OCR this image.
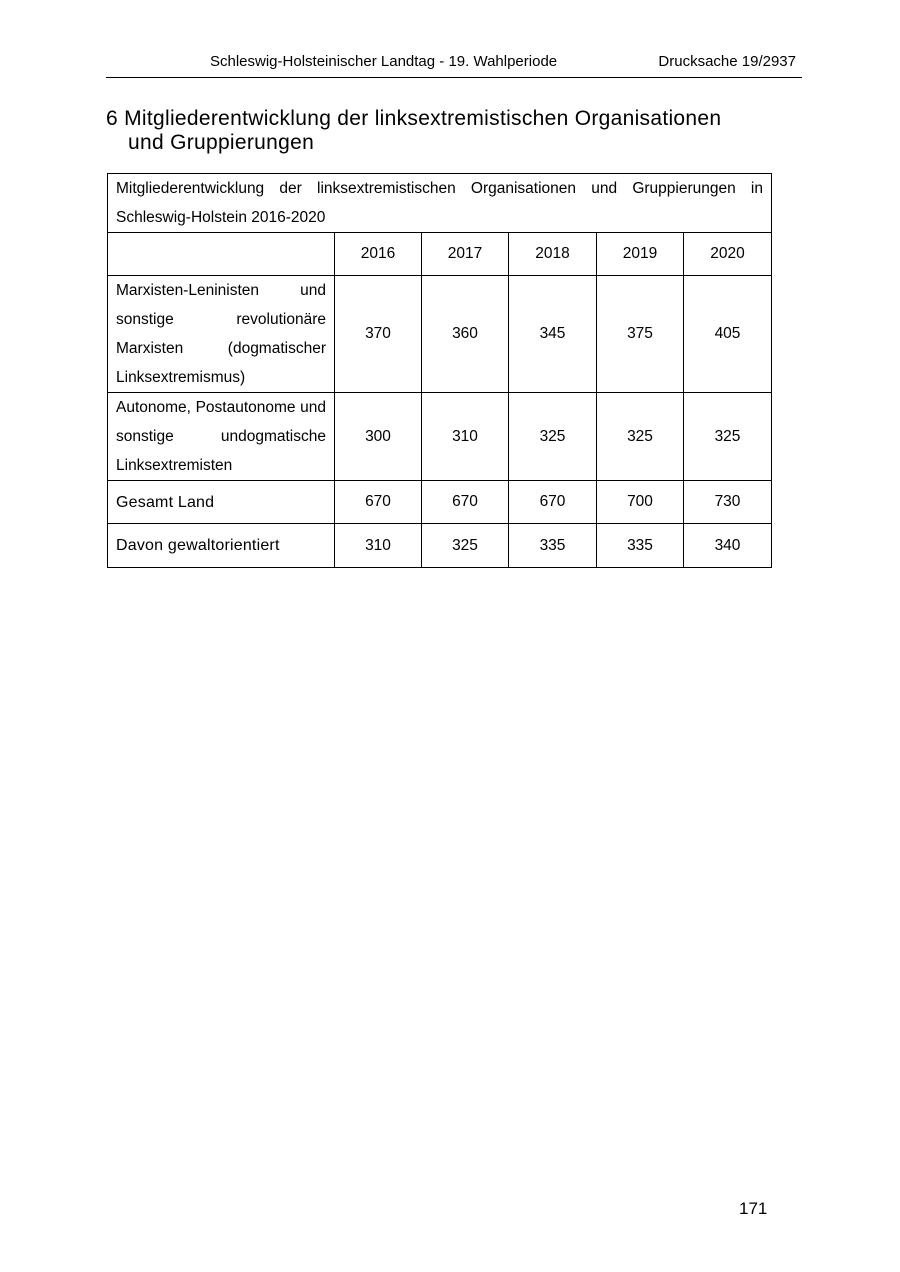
Schleswig-Holsteinischer Landtag - 19. Wahlperiode	Drucksache 19/2937
6 Mitgliederentwicklung der linksextremistischen Organisationen
und Gruppierungen
Mitgliederentwicklung der linksextremistischen Organisationen und Gruppierungen in Schleswig-Holstein 2016-2020					
	2016	2017	2018	2019	2020
Marxisten-Leninisten und sonstige revolutionäre Marxisten (dogmatischer Linksextremismus)	370	360	345	375	405
Autonome, Postautonome und sonstige undogmatische Linksextremisten	300	310	325	325	325
Gesamt Land	670	670	670	700	730
Davon gewaltorientiert	310	325	335	335	340
171
